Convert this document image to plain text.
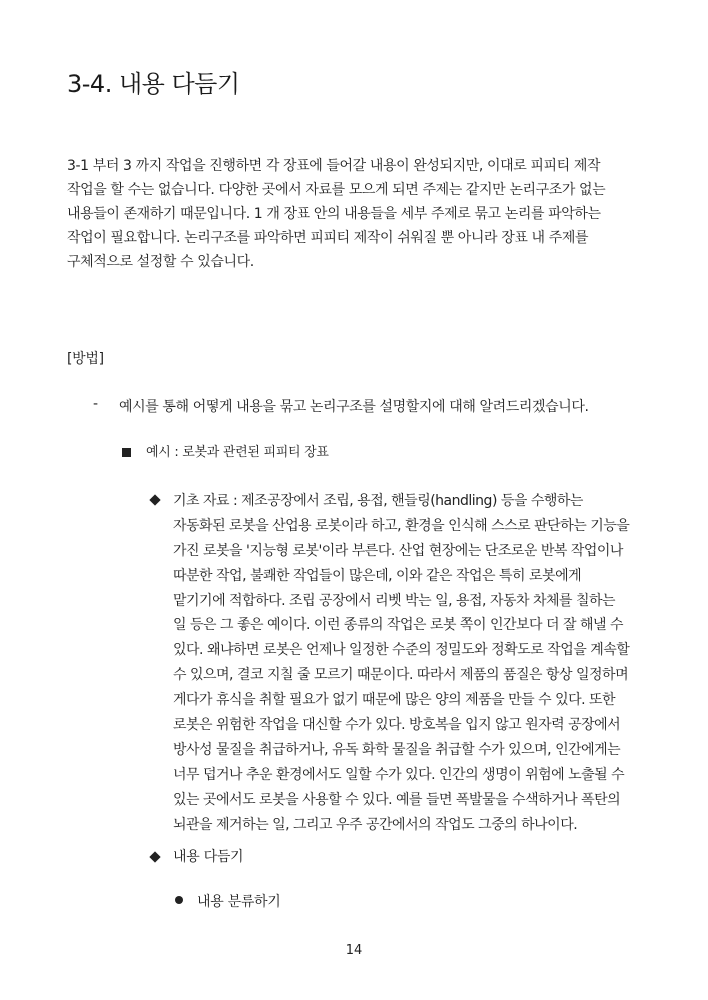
3-4. 내용 다듬기
3-1 부터 3 까지 작업을 진행하면 각 장표에 들어갈 내용이 완성되지만, 이대로 피피티 제작
작업을 할 수는 없습니다. 다양한 곳에서 자료를 모으게 되면 주제는 같지만 논리구조가 없는
내용들이 존재하기 때문입니다. 1 개 장표 안의 내용들을 세부 주제로 묶고 논리를 파악하는
작업이 필요합니다. 논리구조를 파악하면 피피티 제작이 쉬워질 뿐 아니라 장표 내 주제를
구체적으로 설정할 수 있습니다.
[방법]
- 예시를 통해 어떻게 내용을 묶고 논리구조를 설명할지에 대해 알려드리겠습니다.
예시 : 로봇과 관련된 피피티 장표
기초 자료 : 제조공장에서 조립, 용접, 핸들링(handling) 등을 수행하는
자동화된 로봇을 산업용 로봇이라 하고, 환경을 인식해 스스로 판단하는 기능을
가진 로봇을 '지능형 로봇'이라 부른다. 산업 현장에는 단조로운 반복 작업이나
따분한 작업, 불쾌한 작업들이 많은데, 이와 같은 작업은 특히 로봇에게
맡기기에 적합하다. 조립 공장에서 리벳 박는 일, 용접, 자동차 차체를 칠하는
일 등은 그 좋은 예이다. 이런 종류의 작업은 로봇 쪽이 인간보다 더 잘 해낼 수
있다. 왜냐하면 로봇은 언제나 일정한 수준의 정밀도와 정확도로 작업을 계속할
수 있으며, 결코 지칠 줄 모르기 때문이다. 따라서 제품의 품질은 항상 일정하며
게다가 휴식을 취할 필요가 없기 때문에 많은 양의 제품을 만들 수 있다. 또한
로봇은 위험한 작업을 대신할 수가 있다. 방호복을 입지 않고 원자력 공장에서
방사성 물질을 취급하거나, 유독 화학 물질을 취급할 수가 있으며, 인간에게는
너무 덥거나 추운 환경에서도 일할 수가 있다. 인간의 생명이 위험에 노출될 수
있는 곳에서도 로봇을 사용할 수 있다. 예를 들면 폭발물을 수색하거나 폭탄의
뇌관을 제거하는 일, 그리고 우주 공간에서의 작업도 그중의 하나이다.
내용 다듬기
내용 분류하기
14
